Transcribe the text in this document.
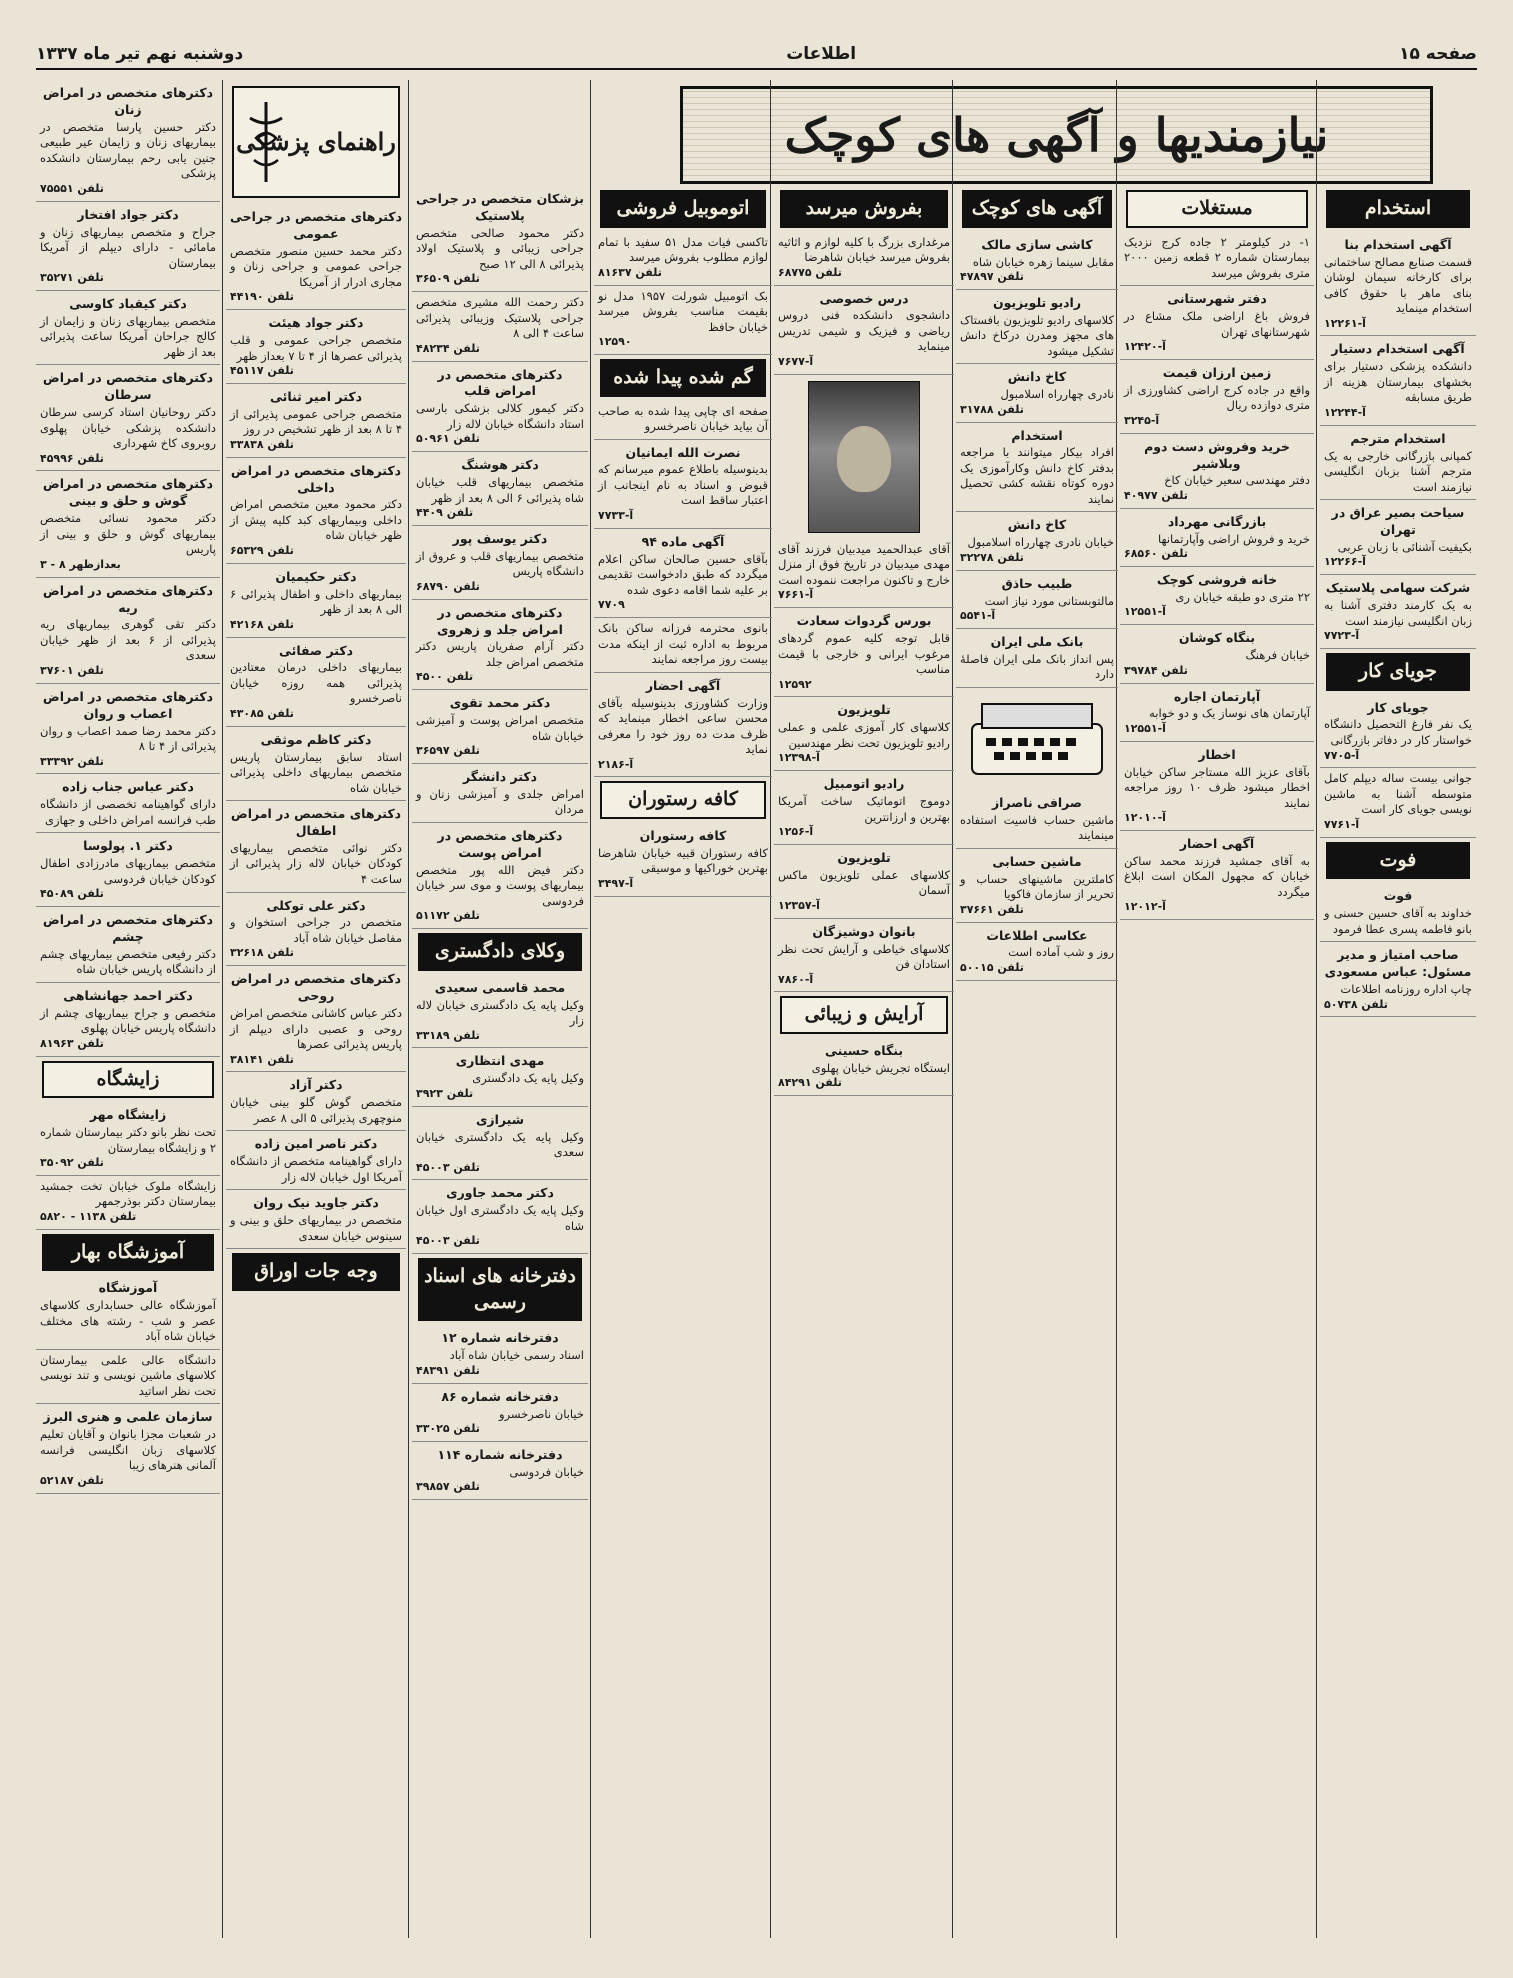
صفحه ۱۵
اطلاعات
دوشنبه نهم تیر ماه ۱۳۳۷
نیازمندیها و آگهی های کوچک
استخدام
آگهی استخدام بنا

قسمت صنایع مصالح ساختمانی برای کارخانه سیمان لوشان بنای ماهر با حقوق کافی استخدام مینماید

آ-۱۲۲۶۱
آگهی استخدام دستیار

دانشکده پزشکی دستیار برای بخشهای بیمارستان هزینه از طریق مسابقه

آ-۱۲۲۴۴
استخدام مترجم

کمپانی بازرگانی خارجی به یک مترجم آشنا بزبان انگلیسی نیازمند است

سیاحت بصیر عراق در تهران

بکیفیت آشنائی با زبان عربی

آ-۱۲۲۶۶
شرکت سهامی پلاستیک

به یک کارمند دفتری آشنا به زبان انگلیسی نیازمند است

آ-۷۷۲۳
جویای کار
جویای کار

یک نفر فارغ التحصیل دانشگاه خواستار کار در دفاتر بازرگانی

آ-۷۷۰۵

جوانی بیست ساله دیپلم کامل متوسطه آشنا به ماشین نویسی جویای کار است

آ-۷۷۶۱
فوت
فوت

خداوند به آقای حسین حسنی و بانو فاطمه پسری عطا فرمود

صاحب امتیاز و مدیر مسئول: عباس مسعودی

چاپ اداره روزنامه اطلاعات

تلفن ۵۰۷۳۸
مستغلات

۱- در کیلومتر ۲ جاده کرج نزدیک بیمارستان شماره ۲ قطعه زمین ۲۰۰۰ متری بفروش میرسد

دفتر شهرستانی

فروش باغ اراضی ملک مشاع در شهرستانهای تهران

آ-۱۲۴۲۰
زمین ارزان قیمت

واقع در جاده کرج اراضی کشاورزی از متری دوازده ریال

آ-۳۲۴۵
خرید وفروش دست دوم وبلاشیر

دفتر مهندسی سعیر خیابان کاخ

تلفن ۴۰۹۷۷
بازرگانی مهرداد

خرید و فروش اراضی وآپارتمانها

تلفن ۶۸۵۶۰
خانه فروشی کوچک

۲۲ متری دو طبقه خیابان ری

آ-۱۲۵۵۱
بنگاه کوشان

خیابان فرهنگ

تلفن ۳۹۷۸۴
آپارتمان اجاره

آپارتمان های نوساز یک و دو خوابه

آ-۱۲۵۵۱
اخطار

بآقای عزیز الله مستاجر ساکن خیابان اخطار میشود ظرف ۱۰ روز مراجعه نمایند

آ-۱۲۰۱۰
آگهی احضار

به آقای جمشید فرزند محمد ساکن خیابان که مجهول المکان است ابلاغ میگردد

آ-۱۲۰۱۲
آگهی های کوچک
کاشی سازی مالک

مقابل سینما زهره خیابان شاه

تلفن ۴۷۸۹۷
رادیو تلویزیون

کلاسهای رادیو تلویزیون بافستاک های مجهز ومدرن درکاخ دانش تشکیل میشود

کاخ دانش

نادری چهارراه اسلامبول

تلفن ۳۱۷۸۸
استخدام

افراد بیکار میتوانند با مراجعه بدفتر کاخ دانش وکارآموزی یک دوره کوتاه نقشه کشی تحصیل نمایند

کاخ دانش

خیابان نادری چهارراه اسلامبول

تلفن ۳۲۲۷۸
طبیب حاذق

مالتوبستانی مورد نیاز است

آ-۵۵۴۱
بانک ملی ایران

پس انداز بانک ملی ایران فاصلهٔ دارد

صرافی ناصراز

ماشین حساب فاسیت استفاده مینمایند

ماشین حسابی

کاملترین ماشینهای حساب و تحریر از سازمان فاکویا

تلفن ۳۷۶۶۱
عکاسی اطلاعات

روز و شب آماده است

تلفن ۵۰۰۱۵
بفروش میرسد

مرغداری بزرگ با کلیه لوازم و اثاثیه بفروش میرسد خیابان شاهرضا

تلفن ۶۸۷۷۵
درس خصوصی

دانشجوی دانشکده فنی دروس ریاضی و فیزیک و شیمی تدریس مینماید

آ-۷۶۷۷

آقای عبدالحمید میدبیان فرزند آقای مهدی میدبیان در تاریخ فوق از منزل خارج و تاکنون مراجعت ننموده است

آ-۷۶۶۱
بورس گردوات سعادت

قابل توجه کلیه عموم گردهای مرغوب ایرانی و خارجی با قیمت مناسب

۱۲۵۹۲
تلویزیون

کلاسهای کار آموزی علمی و عملی رادیو تلویزیون تحت نظر مهندسین

آ-۱۲۳۹۸
رادیو اتومبیل

دوموج اتوماتیک ساخت آمریکا بهترین و ارزانترین

آ-۱۲۵۶
تلویزیون

کلاسهای عملی تلویزیون ماکس آسمان

آ-۱۲۳۵۷
بانوان دوشیزگان

کلاسهای خیاطی و آرایش تحت نظر استادان فن

آ-۷۸۶۰
آرایش و زیبائی
بنگاه حسینی

ایستگاه تجریش خیابان پهلوی

تلفن ۸۴۲۹۱
اتوموبیل فروشی

تاکسی فیات مدل ۵۱ سفید با تمام لوازم مطلوب بفروش میرسد

تلفن ۸۱۶۳۷

بک اتومبیل شورلت ۱۹۵۷ مدل نو بقیمت مناسب بفروش میرسد خیابان حافظ

۱۲۵۹۰
گم شده پیدا شده

صفحه ای چاپی پیدا شده به صاحب آن بیاید خیابان ناصرخسرو

نصرت الله ایمانیان

بدینوسیله باطلاع عموم میرسانم که قبوض و اسناد به نام اینجانب از اعتبار ساقط است

آ-۷۷۳۳
آگهی ماده ۹۴

بآقای حسین صالحان ساکن اعلام میگردد که طبق دادخواست تقدیمی بر علیه شما اقامه دعوی شده

۷۷۰۹

بانوی محترمه فرزانه ساکن بانک مربوط به اداره ثبت از اینکه مدت بیست روز مراجعه نمایند

آگهی احضار

وزارت کشاورزی بدینوسیله بآقای محسن ساعی اخطار مینماید که ظرف مدت ده روز خود را معرفی نماید

آ-۲۱۸۶
کافه رستوران
کافه رستوران

کافه رستوران قبیه خیابان شاهرضا بهترین خوراکیها و موسیقی

آ-۳۴۹۷
بزشکان متخصص در جراحی پلاستیک

دکتر محمود صالحی متخصص جراحی زیبائی و پلاستیک اولاد پذیرائی ۸ الی ۱۲ صبح

تلفن ۳۶۵۰۹

دکتر رحمت الله مشیری متخصص جراحی پلاستیک وزیبائی پذیرائی ساعت ۴ الی ۸

تلفن ۴۸۲۳۴
دکترهای متخصص در امراض قلب

دکتر کیمور کلالی بزشکی بارسی استاد دانشگاه خیابان لاله زار

تلفن ۵۰۹۶۱
دکتر هوشنگ

متخصص بیماریهای قلب خیابان شاه پذیرائی ۶ الی ۸ بعد از ظهر

تلفن ۴۴۰۹
دکتر یوسف پور

متخصص بیماریهای قلب و عروق از دانشگاه پاریس

تلفن ۶۸۷۹۰
دکترهای متخصص در امراض جلد و زهروی

دکتر آرام صفریان پاریس دکتر متخصص امراض جلد

تلفن ۴۵۰۰
دکتر محمد تقوی

متخصص امراض پوست و آمیزشی خیابان شاه

تلفن ۳۶۵۹۷
دکتر دانشگر

امراض جلدی و آمیزشی زنان و مردان

دکترهای متخصص در امراض پوست

دکتر فیض الله پور متخصص بیماریهای پوست و موی سر خیابان فردوسی

تلفن ۵۱۱۷۲
وکلای دادگستری
محمد قاسمی سعیدی

وکیل پایه یک دادگستری خیابان لاله زار

تلفن ۳۳۱۸۹
مهدی انتظاری

وکیل پایه یک دادگستری

تلفن ۳۹۲۳
شیرازی

وکیل پایه یک دادگستری خیابان سعدی

تلفن ۴۵۰۰۳
دکتر محمد جاوری

وکیل پایه یک دادگستری اول خیابان شاه

تلفن ۴۵۰۰۳
دفترخانه های اسناد رسمی
دفترخانه شماره ۱۲

اسناد رسمی خیابان شاه آباد

تلفن ۴۸۳۹۱
دفترخانه شماره ۸۶

خیابان ناصرخسرو

تلفن ۳۳۰۲۵
دفترخانه شماره ۱۱۴

خیابان فردوسی

تلفن ۳۹۸۵۷
راهنمای پزشکی
دکترهای متخصص در جراحی عمومی

دکتر محمد حسین منصور متخصص جراحی عمومی و جراحی زنان و مجاری ادرار از آمریکا

تلفن ۴۴۱۹۰
دکتر جواد هیئت

متخصص جراحی عمومی و قلب پذیرائی عصرها از ۴ تا ۷ بعداز ظهر

تلفن ۴۵۱۱۷
دکتر امیر ثنائی

متخصص جراحی عمومی پذیرائی از ۴ تا ۸ بعد از ظهر تشخیص در روز

تلفن ۳۳۸۳۸
دکترهای متخصص در امراض داخلی

دکتر محمود معین متخصص امراض داخلی وبیماریهای کبد کلیه پیش از ظهر خیابان شاه

تلفن ۶۵۳۲۹
دکتر حکیمیان

بیماریهای داخلی و اطفال پذیرائی ۶ الی ۸ بعد از ظهر

تلفن ۴۲۱۶۸
دکتر صفائی

بیماریهای داخلی درمان معتادین پذیرائی همه روزه خیابان ناصرخسرو

تلفن ۴۳۰۸۵
دکتر کاظم موثقی

استاد سابق بیمارستان پاریس متخصص بیماریهای داخلی پذیرائی خیابان شاه

دکترهای متخصص در امراض اطفال

دکتر نوائی متخصص بیماریهای کودکان خیابان لاله زار پذیرائی از ساعت ۴

دکتر علی توکلی

متخصص در جراحی استخوان و مفاصل خیابان شاه آباد

تلفن ۳۲۶۱۸
دکترهای متخصص در امراض روحی

دکتر عباس کاشانی متخصص امراض روحی و عصبی دارای دیپلم از پاریس پذیرائی عصرها

تلفن ۳۸۱۴۱
دکتر آزاد

متخصص گوش گلو بینی خیابان منوچهری پذیرائی ۵ الی ۸ عصر

دکتر ناصر امین زاده

دارای گواهینامه متخصص از دانشگاه آمریکا اول خیابان لاله زار

دکتر جاوید نیک روان

متخصص در بیماریهای حلق و بینی و سینوس خیابان سعدی

وجه جات اوراق
دکترهای متخصص در امراض زنان

دکتر حسین پارسا متخصص در بیماریهای زنان و زایمان عیر طبیعی جنین یابی رحم بیمارستان دانشکده پزشکی

تلفن ۷۵۵۵۱
دکتر جواد افتخار

جراح و متخصص بیماریهای زنان و مامائی - دارای دیپلم از آمریکا بیمارستان

تلفن ۳۵۲۷۱
دکتر کیقباد کاوسی

متخصص بیماریهای زنان و زایمان از کالج جراحان آمریکا ساعت پذیرائی بعد از ظهر

دکترهای متخصص در امراض سرطان

دکتر روحانیان استاد کرسی سرطان دانشکده پزشکی خیابان پهلوی روبروی کاخ شهرداری

تلفن ۴۵۹۹۶
دکترهای متخصص در امراض گوش و حلق و بینی

دکتر محمود نسائی متخصص بیماریهای گوش و حلق و بینی از پاریس

بعدازظهر ۸ - ۳
دکترهای متخصص در امراض ریه

دکتر تقی گوهری بیماریهای ریه پذیرائی از ۶ بعد از ظهر خیابان سعدی

تلفن ۳۷۶۰۱
دکترهای متخصص در امراض اعصاب و روان

دکتر محمد رضا صمد اعصاب و روان پذیرائی از ۴ تا ۸

تلفن ۳۳۳۹۲
دکتر عباس جناب زاده

دارای گواهینامه تخصصی از دانشگاه طب فرانسه امراض داخلی و جهازی

دکتر ۱. پولوسا

متخصص بیماریهای مادرزادی اطفال کودکان خیابان فردوسی

تلفن ۴۵۰۸۹
دکترهای متخصص در امراض چشم

دکتر رفیعی متخصص بیماریهای چشم از دانشگاه پاریس خیابان شاه

دکتر احمد جهانشاهی

متخصص و جراح بیماریهای چشم از دانشگاه پاریس خیابان پهلوی

تلفن ۸۱۹۶۳
زایشگاه
زایشگاه مهر

تحت نظر بانو دکتر بیمارستان شماره ۲ و زایشگاه بیمارستان

تلفن ۳۵۰۹۲

زایشگاه ملوک خیابان تخت جمشید بیمارستان دکتر بوذرجمهر

تلفن ۱۱۳۸ - ۵۸۲۰
آموزشگاه بهار
آموزشگاه

آموزشگاه عالی حسابداری کلاسهای عصر و شب - رشته های مختلف خیابان شاه آباد

دانشگاه عالی علمی بیمارستان کلاسهای ماشین نویسی و تند نویسی تحت نظر اساتید

سازمان علمی و هنری البرز

در شعبات مجزا بانوان و آقایان تعلیم کلاسهای زبان انگلیسی فرانسه آلمانی هنرهای زیبا

تلفن ۵۲۱۸۷
